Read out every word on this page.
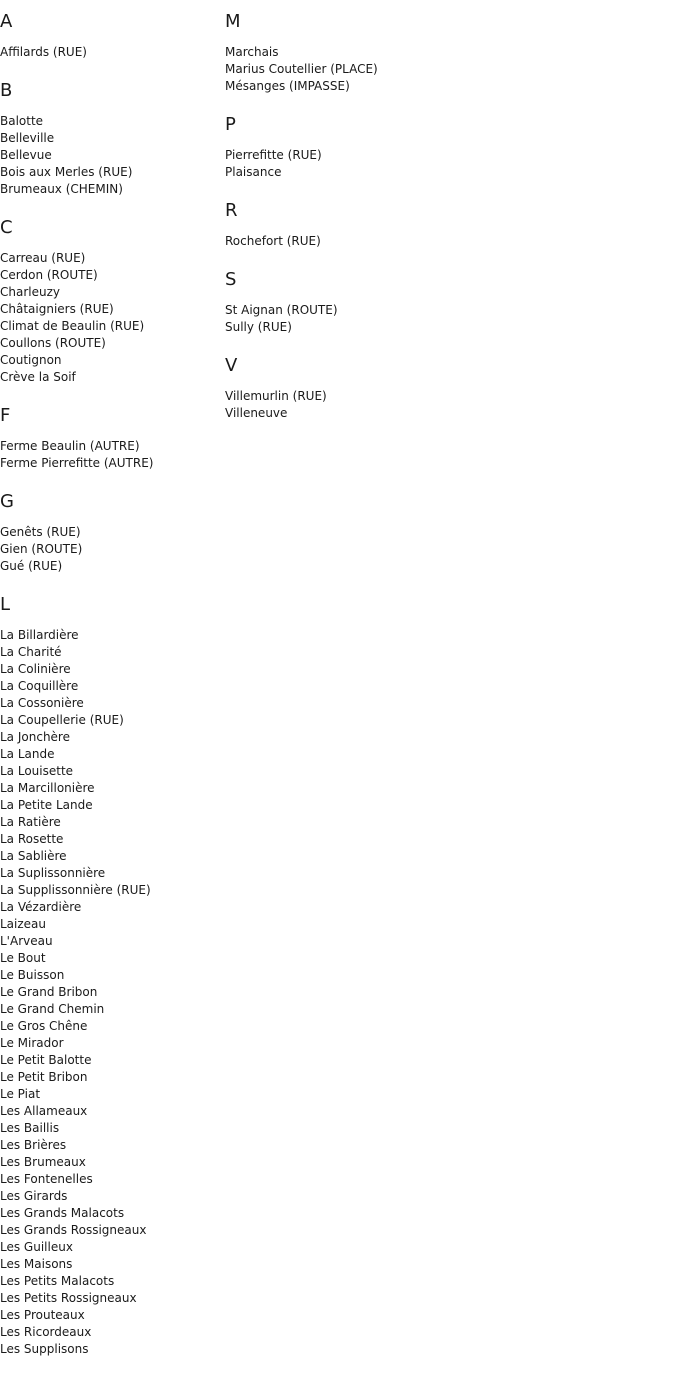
A
Affilards (RUE)
B
Balotte
Belleville
Bellevue
Bois aux Merles (RUE)
Brumeaux (CHEMIN)
C
Carreau (RUE)
Cerdon (ROUTE)
Charleuzy
Châtaigniers (RUE)
Climat de Beaulin (RUE)
Coullons (ROUTE)
Coutignon
Crève la Soif
F
Ferme Beaulin (AUTRE)
Ferme Pierrefitte (AUTRE)
G
Genêts (RUE)
Gien (ROUTE)
Gué (RUE)
L
La Billardière
La Charité
La Colinière
La Coquillère
La Cossonière
La Coupellerie (RUE)
La Jonchère
La Lande
La Louisette
La Marcillonière
La Petite Lande
La Ratière
La Rosette
La Sablière
La Suplissonnière
La Supplissonnière (RUE)
La Vézardière
Laizeau
L'Arveau
Le Bout
Le Buisson
Le Grand Bribon
Le Grand Chemin
Le Gros Chêne
Le Mirador
Le Petit Balotte
Le Petit Bribon
Le Piat
Les Allameaux
Les Baillis
Les Brières
Les Brumeaux
Les Fontenelles
Les Girards
Les Grands Malacots
Les Grands Rossigneaux
Les Guilleux
Les Maisons
Les Petits Malacots
Les Petits Rossigneaux
Les Prouteaux
Les Ricordeaux
Les Supplisons
M
Marchais
Marius Coutellier (PLACE)
Mésanges (IMPASSE)
P
Pierrefitte (RUE)
Plaisance
R
Rochefort (RUE)
S
St Aignan (ROUTE)
Sully (RUE)
V
Villemurlin (RUE)
Villeneuve
